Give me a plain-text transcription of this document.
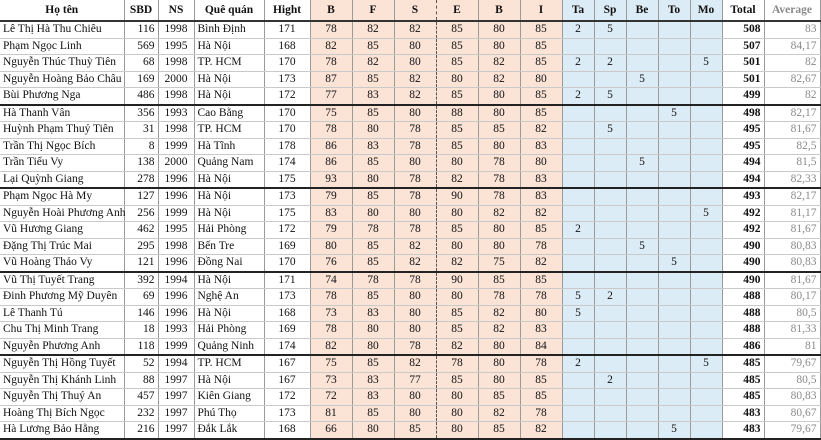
Họ tên	SBD	NS	Quê quán	Hight	B	F	S	E	B	I	Ta	Sp	Be	To	Mo	Total	Average
Lê Thị Hà Thu Chiêu	116	1998	Bình Định	171	78	82	82	85	80	85	2	5				508	83
Phạm Ngọc Linh	569	1995	Hà Nội	168	82	85	80	85	80	85						507	84,17
Nguyễn Thúc Thuỳ Tiên	68	1998	TP. HCM	170	78	82	80	85	82	85	2	2			5	501	82
Nguyễn Hoàng Bảo Châu	169	2000	Hà Nội	173	87	85	82	80	82	80			5			501	82,67
Bùi Phương Nga	486	1998	Hà Nội	172	77	83	82	85	80	85	2	5				499	82
Hà Thanh Vân	356	1993	Cao Bằng	170	75	85	80	88	80	85				5		498	82,17
Huỳnh Phạm Thuỷ Tiên	31	1998	TP. HCM	170	78	80	78	85	85	82		5				495	81,67
Trần Thị Ngọc Bích	8	1999	Hà Tĩnh	178	86	83	78	85	80	83						495	82,5
Trần Tiểu Vy	138	2000	Quảng Nam	174	86	85	80	80	78	80			5			494	81,5
Lại Quỳnh Giang	278	1996	Hà Nội	175	93	80	78	82	78	83						494	82,33
Phạm Ngọc Hà My	127	1996	Hà Nội	173	79	85	78	90	78	83						493	82,17
Nguyễn Hoài Phương Anh	256	1999	Hà Nội	175	83	80	80	80	82	82					5	492	81,17
Vũ Hương Giang	462	1995	Hải Phòng	172	79	78	78	85	80	85	2					492	81,67
Đặng Thị Trúc Mai	295	1998	Bến Tre	169	80	85	82	80	80	78			5			490	80,83
Vũ Hoàng Thảo Vy	121	1996	Đồng Nai	170	76	85	82	82	75	82				5		490	80,83
Vũ Thị Tuyết Trang	392	1994	Hà Nội	171	74	78	78	90	85	85						490	81,67
Đinh Phương Mỹ Duyên	69	1996	Nghệ An	173	78	85	80	80	78	78	5	2				488	80,17
Lê Thanh Tú	146	1996	Hà Nội	168	73	83	80	85	82	80	5					488	80,5
Chu Thị Minh Trang	18	1993	Hải Phòng	169	78	80	80	85	82	83						488	81,33
Nguyễn Phương Anh	118	1999	Quảng Ninh	174	82	80	78	82	80	84						486	81
Nguyễn Thị Hồng Tuyết	52	1994	TP. HCM	167	75	85	82	78	80	78	2				5	485	79,67
Nguyễn Thị Khánh Linh	88	1997	Hà Nội	167	73	83	77	85	80	85		2				485	80,5
Nguyễn Thị Thuý An	457	1997	Kiên Giang	172	72	83	80	80	85	85						485	80,83
Hoàng Thị Bích Ngọc	232	1997	Phú Thọ	173	81	85	80	80	82	78						483	80,67
Hà Lương Bảo Hằng	216	1997	Đắk Lắk	168	66	80	85	80	85	82				5		483	79,67
